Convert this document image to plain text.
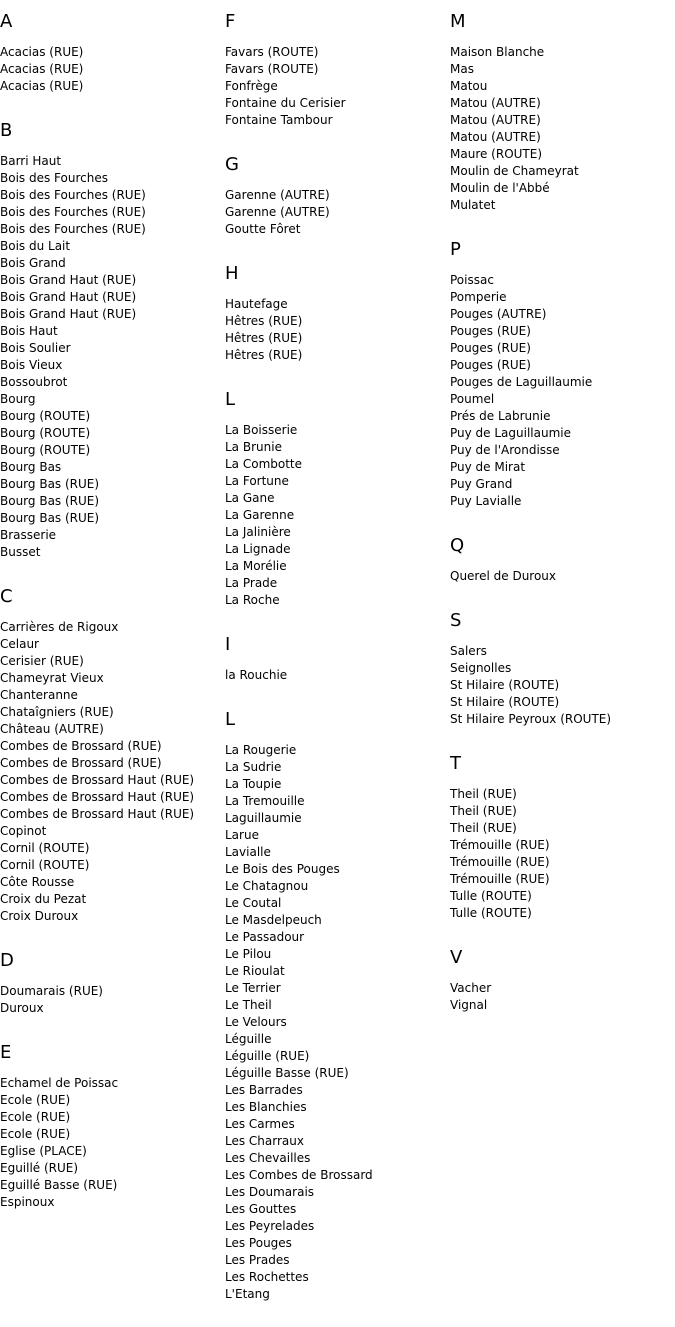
A
Acacias (RUE)
Acacias (RUE)
Acacias (RUE)
B
Barri Haut
Bois des Fourches
Bois des Fourches (RUE)
Bois des Fourches (RUE)
Bois des Fourches (RUE)
Bois du Lait
Bois Grand
Bois Grand Haut (RUE)
Bois Grand Haut (RUE)
Bois Grand Haut (RUE)
Bois Haut
Bois Soulier
Bois Vieux
Bossoubrot
Bourg
Bourg (ROUTE)
Bourg (ROUTE)
Bourg (ROUTE)
Bourg Bas
Bourg Bas (RUE)
Bourg Bas (RUE)
Bourg Bas (RUE)
Brasserie
Busset
C
Carrières de Rigoux
Celaur
Cerisier (RUE)
Chameyrat Vieux
Chanteranne
Chataîgniers (RUE)
Château (AUTRE)
Combes de Brossard (RUE)
Combes de Brossard (RUE)
Combes de Brossard Haut (RUE)
Combes de Brossard Haut (RUE)
Combes de Brossard Haut (RUE)
Copinot
Cornil (ROUTE)
Cornil (ROUTE)
Côte Rousse
Croix du Pezat
Croix Duroux
D
Doumarais (RUE)
Duroux
E
Echamel de Poissac
Ecole (RUE)
Ecole (RUE)
Ecole (RUE)
Eglise (PLACE)
Eguillé (RUE)
Eguillé Basse (RUE)
Espinoux
F
Favars (ROUTE)
Favars (ROUTE)
Fonfrège
Fontaine du Cerisier
Fontaine Tambour
G
Garenne (AUTRE)
Garenne (AUTRE)
Goutte Fôret
H
Hautefage
Hêtres (RUE)
Hêtres (RUE)
Hêtres (RUE)
L
La Boisserie
La Brunie
La Combotte
La Fortune
La Gane
La Garenne
La Jalinière
La Lignade
La Morélie
La Prade
La Roche
I
la Rouchie
L
La Rougerie
La Sudrie
La Toupie
La Tremouille
Laguillaumie
Larue
Lavialle
Le Bois des Pouges
Le Chatagnou
Le Coutal
Le Masdelpeuch
Le Passadour
Le Pilou
Le Rioulat
Le Terrier
Le Theil
Le Velours
Léguille
Léguille (RUE)
Léguille Basse (RUE)
Les Barrades
Les Blanchies
Les Carmes
Les Charraux
Les Chevailles
Les Combes de Brossard
Les Doumarais
Les Gouttes
Les Peyrelades
Les Pouges
Les Prades
Les Rochettes
L'Etang
M
Maison Blanche
Mas
Matou
Matou (AUTRE)
Matou (AUTRE)
Matou (AUTRE)
Maure (ROUTE)
Moulin de Chameyrat
Moulin de l'Abbé
Mulatet
P
Poissac
Pomperie
Pouges (AUTRE)
Pouges (RUE)
Pouges (RUE)
Pouges (RUE)
Pouges de Laguillaumie
Poumel
Prés de Labrunie
Puy de Laguillaumie
Puy de l'Arondisse
Puy de Mirat
Puy Grand
Puy Lavialle
Q
Querel de Duroux
S
Salers
Seignolles
St Hilaire (ROUTE)
St Hilaire (ROUTE)
St Hilaire Peyroux (ROUTE)
T
Theil (RUE)
Theil (RUE)
Theil (RUE)
Trémouille (RUE)
Trémouille (RUE)
Trémouille (RUE)
Tulle (ROUTE)
Tulle (ROUTE)
V
Vacher
Vignal
